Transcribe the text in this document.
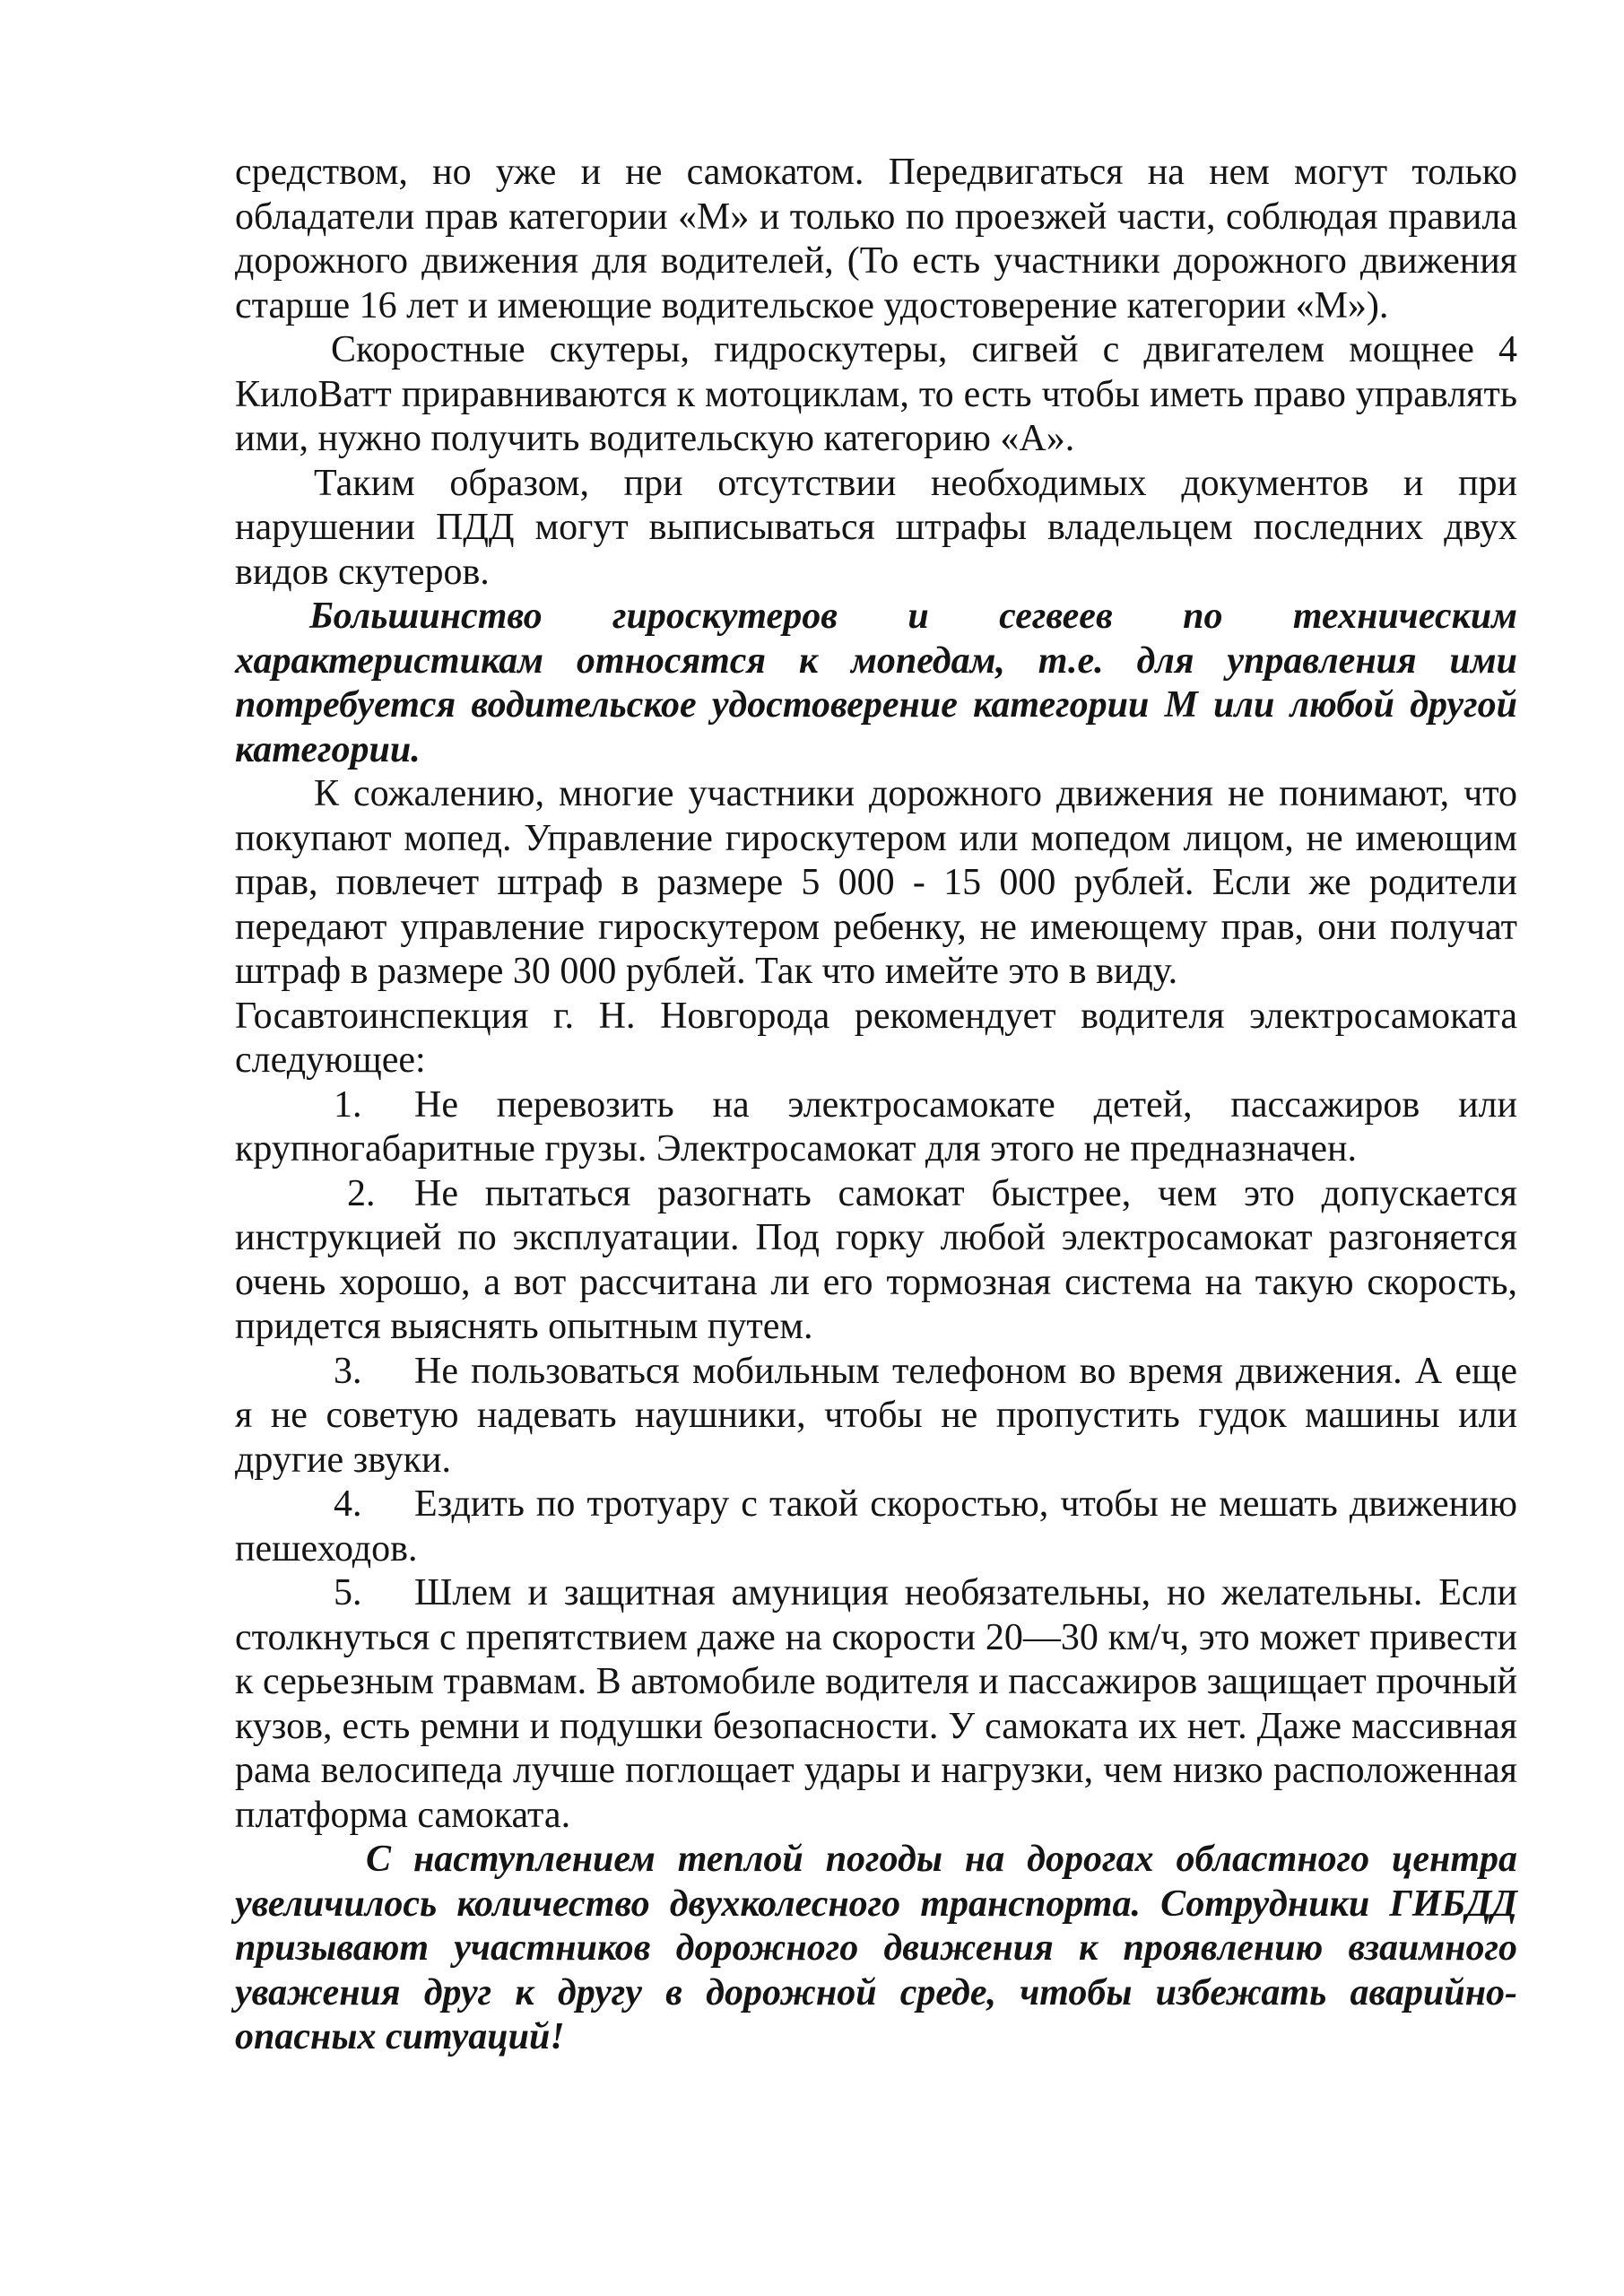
средством, но уже и не самокатом. Передвигаться на нем могут только обладатели прав категории «М» и только по проезжей части, соблюдая правила дорожного движения для водителей, (То есть участники дорожного движения старше 16 лет и имеющие водительское удостоверение категории «М»).

Скоростные скутеры, гидроскутеры, сигвей с двигателем мощнее 4 КилоВатт приравниваются к мотоциклам, то есть чтобы иметь право управлять ими, нужно получить водительскую категорию «А».

Таким образом, при отсутствии необходимых документов и при нарушении ПДД могут выписываться штрафы владельцем последних двух видов скутеров.

Большинство гироскутеров и сегвеев по техническим характеристикам относятся к мопедам, т.е. для управления ими потребуется водительское удостоверение категории М или любой другой категории.

К сожалению, многие участники дорожного движения не понимают, что покупают мопед. Управление гироскутером или мопедом лицом, не имеющим прав, повлечет штраф в размере 5 000 - 15 000 рублей. Если же родители передают управление гироскутером ребенку, не имеющему прав, они получат штраф в размере 30 000 рублей. Так что имейте это в виду.

Госавтоинспекция г. Н. Новгорода рекомендует водителя электросамоката следующее:

1. Не перевозить на электросамокате детей, пассажиров или крупногабаритные грузы. Электросамокат для этого не предназначен.

2. Не пытаться разогнать самокат быстрее, чем это допускается инструкцией по эксплуатации. Под горку любой электросамокат разгоняется очень хорошо, а вот рассчитана ли его тормозная система на такую скорость, придется выяснять опытным путем.

3. Не пользоваться мобильным телефоном во время движения. А еще я не советую надевать наушники, чтобы не пропустить гудок машины или другие звуки.

4. Ездить по тротуару с такой скоростью, чтобы не мешать движению пешеходов.

5. Шлем и защитная амуниция необязательны, но желательны. Если столкнуться с препятствием даже на скорости 20—30 км/ч, это может привести к серьезным травмам. В автомобиле водителя и пассажиров защищает прочный кузов, есть ремни и подушки безопасности. У самоката их нет. Даже массивная рама велосипеда лучше поглощает удары и нагрузки, чем низко расположенная платформа самоката.

С наступлением теплой погоды на дорогах областного центра увеличилось количество двухколесного транспорта. Сотрудники ГИБДД призывают участников дорожного движения к проявлению взаимного уважения друг к другу в дорожной среде, чтобы избежать аварийно-опасных ситуаций!
